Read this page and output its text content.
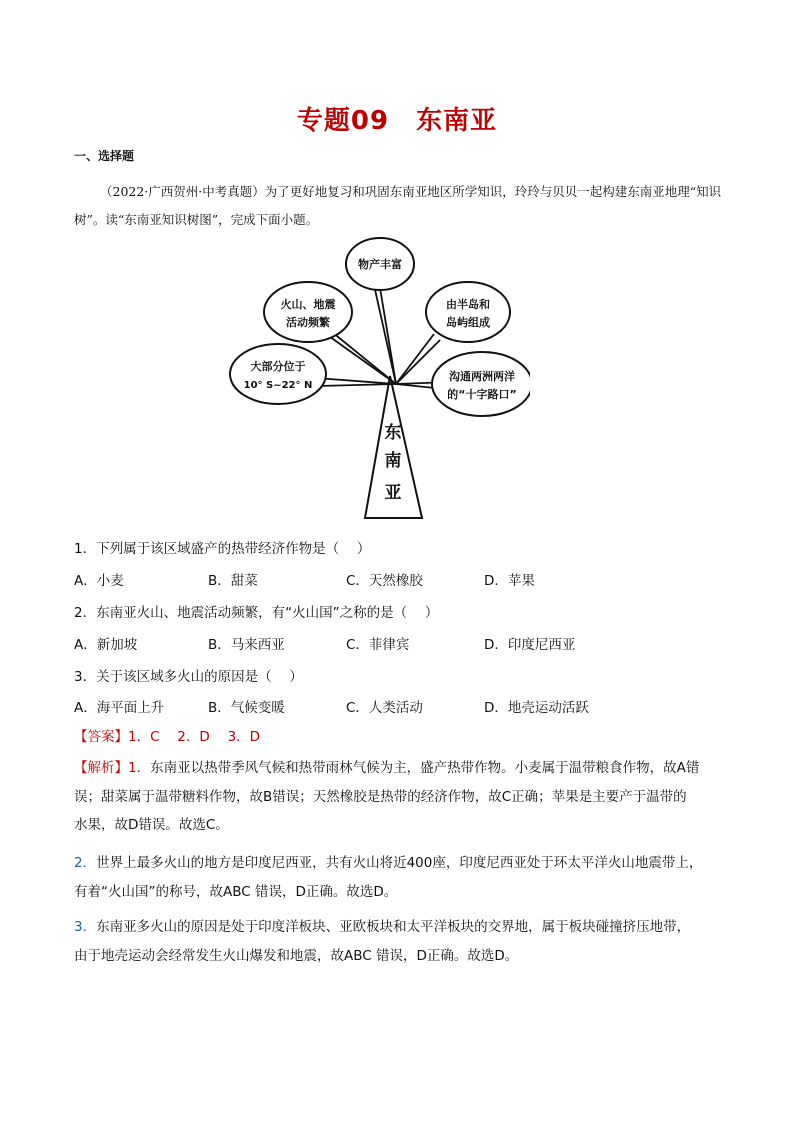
专题09　东南亚
一、选择题
（2022·广西贺州·中考真题）为了更好地复习和巩固东南亚地区所学知识，玲玲与贝贝一起构建东南亚地理“知识树”。读“东南亚知识树图”，完成下面小题。
物产丰富
火山、地震
活动频繁
大部分位于
10° S~22° N
由半岛和
岛屿组成
沟通两洲两洋
的“十字路口”
东
南
亚
1．下列属于该区域盛产的热带经济作物是（　 ）
A．小麦	B．甜菜	C．天然橡胶	D．苹果
2．东南亚火山、地震活动频繁，有“火山国”之称的是（　 ）
A．新加坡	B．马来西亚	C．菲律宾	D．印度尼西亚
3．关于该区域多火山的原因是（　 ）
A．海平面上升	B．气候变暖	C．人类活动	D．地壳运动活跃
【答案】1．C　 2．D　 3．D
【解析】1．东南亚以热带季风气候和热带雨林气候为主，盛产热带作物。小麦属于温带粮食作物，故A错
误；甜菜属于温带糖料作物，故B错误；天然橡胶是热带的经济作物，故C正确；苹果是主要产于温带的
水果，故D错误。故选C。
2．世界上最多火山的地方是印度尼西亚，共有火山将近400座，印度尼西亚处于环太平洋火山地震带上，
有着“火山国”的称号，故ABC 错误，D正确。故选D。
3．东南亚多火山的原因是处于印度洋板块、亚欧板块和太平洋板块的交界地，属于板块碰撞挤压地带，
由于地壳运动会经常发生火山爆发和地震，故ABC 错误，D正确。故选D。
